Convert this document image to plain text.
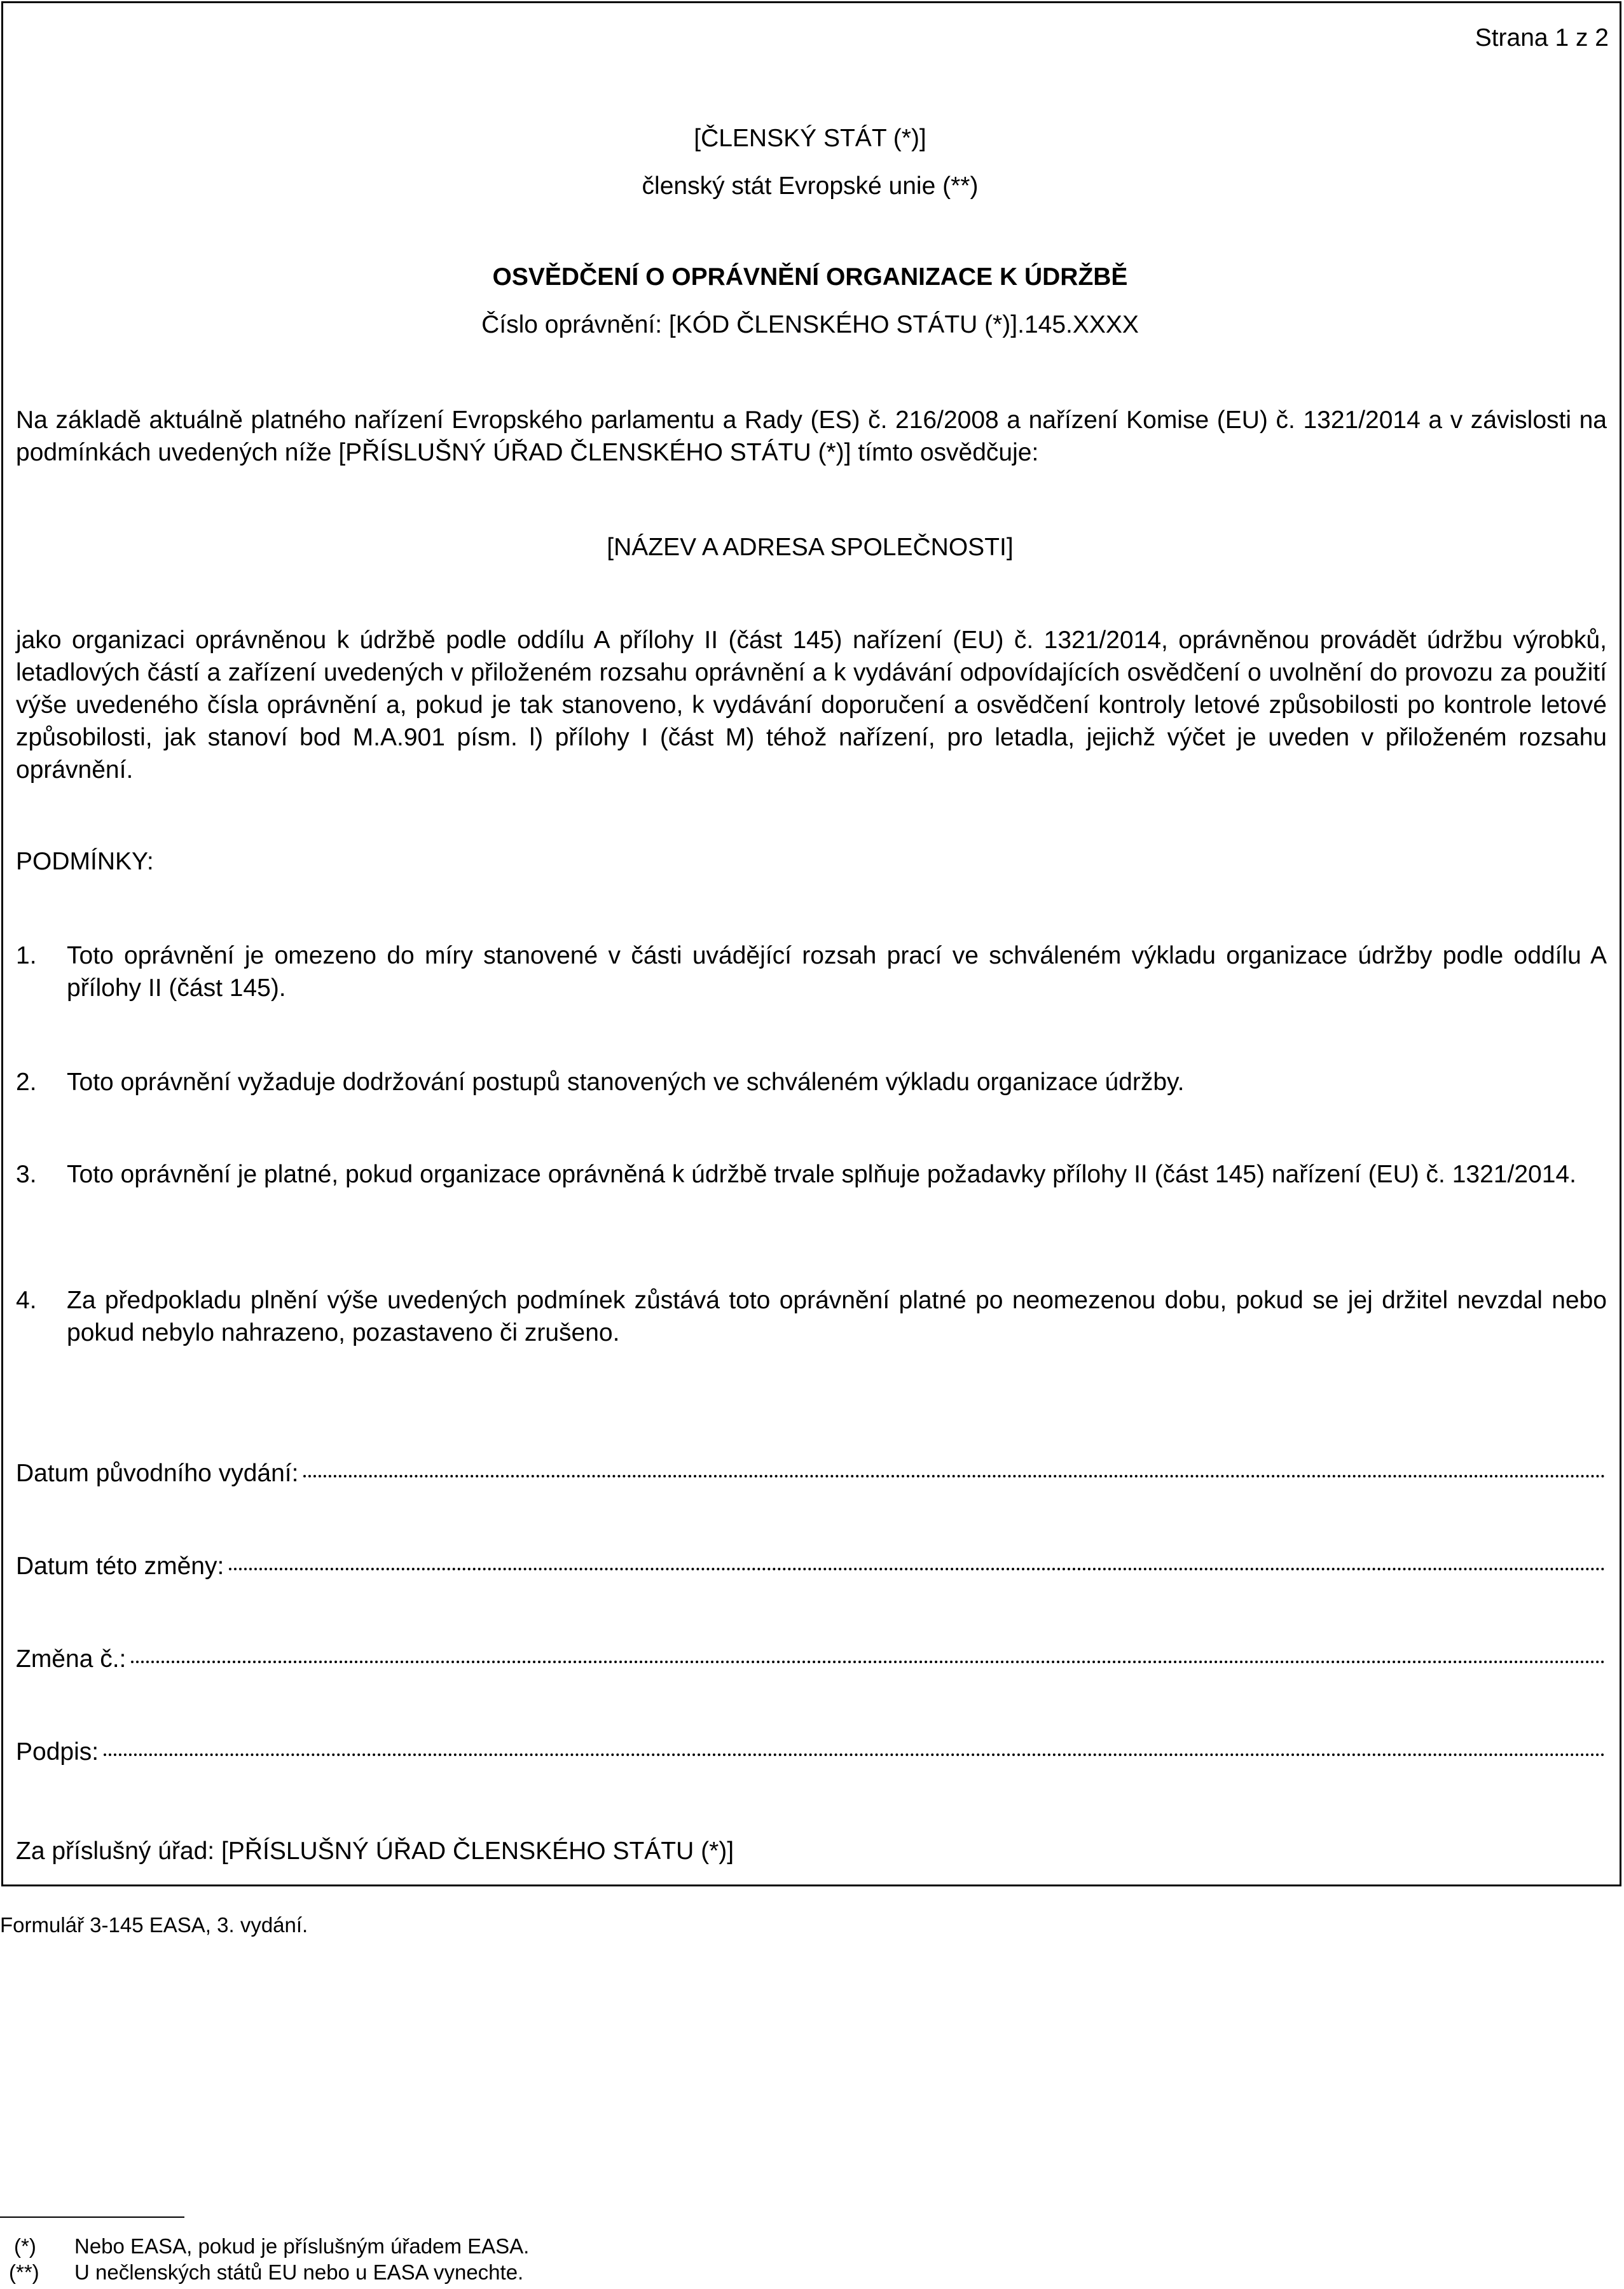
Strana 1 z 2
[ČLENSKÝ STÁT (*)]
členský stát Evropské unie (**)
OSVĚDČENÍ O OPRÁVNĚNÍ ORGANIZACE K ÚDRŽBĚ
Číslo oprávnění: [KÓD ČLENSKÉHO STÁTU (*)].145.XXXX
Na základě aktuálně platného nařízení Evropského parlamentu a Rady (ES) č. 216/2008 a nařízení Komise (EU) č. 1321/2014 a v závislosti na podmínkách uvedených níže [PŘÍSLUŠNÝ ÚŘAD ČLENSKÉHO STÁTU (*)] tímto osvědčuje:
[NÁZEV A ADRESA SPOLEČNOSTI]
jako organizaci oprávněnou k údržbě podle oddílu A přílohy II (část 145) nařízení (EU) č. 1321/2014, oprávněnou provádět údržbu výrobků, letadlových částí a zařízení uvedených v přiloženém rozsahu oprávnění a k vydávání odpovídajících osvědčení o uvolnění do provozu za použití výše uvedeného čísla oprávnění a, pokud je tak stanoveno, k vydávání doporučení a osvědčení kontroly letové způsobilosti po kontrole letové způsobilosti, jak stanoví bod M.A.901 písm. l) přílohy I (část M) téhož nařízení, pro letadla, jejichž výčet je uveden v přiloženém rozsahu oprávnění.
PODMÍNKY:
1. Toto oprávnění je omezeno do míry stanovené v části uvádějící rozsah prací ve schváleném výkladu organizace údržby podle oddílu A přílohy II (část 145).
2. Toto oprávnění vyžaduje dodržování postupů stanovených ve schváleném výkladu organizace údržby.
3. Toto oprávnění je platné, pokud organizace oprávněná k údržbě trvale splňuje požadavky přílohy II (část 145) nařízení (EU) č. 1321/2014.
4. Za předpokladu plnění výše uvedených podmínek zůstává toto oprávnění platné po neomezenou dobu, pokud se jej držitel nevzdal nebo pokud nebylo nahrazeno, pozastaveno či zrušeno.
Datum původního vydání:
Datum této změny:
Změna č.:
Podpis:
Za příslušný úřad: [PŘÍSLUŠNÝ ÚŘAD ČLENSKÉHO STÁTU (*)]
Formulář 3-145 EASA, 3. vydání.
(*) Nebo EASA, pokud je příslušným úřadem EASA.
(**) U nečlenských států EU nebo u EASA vynechte.
